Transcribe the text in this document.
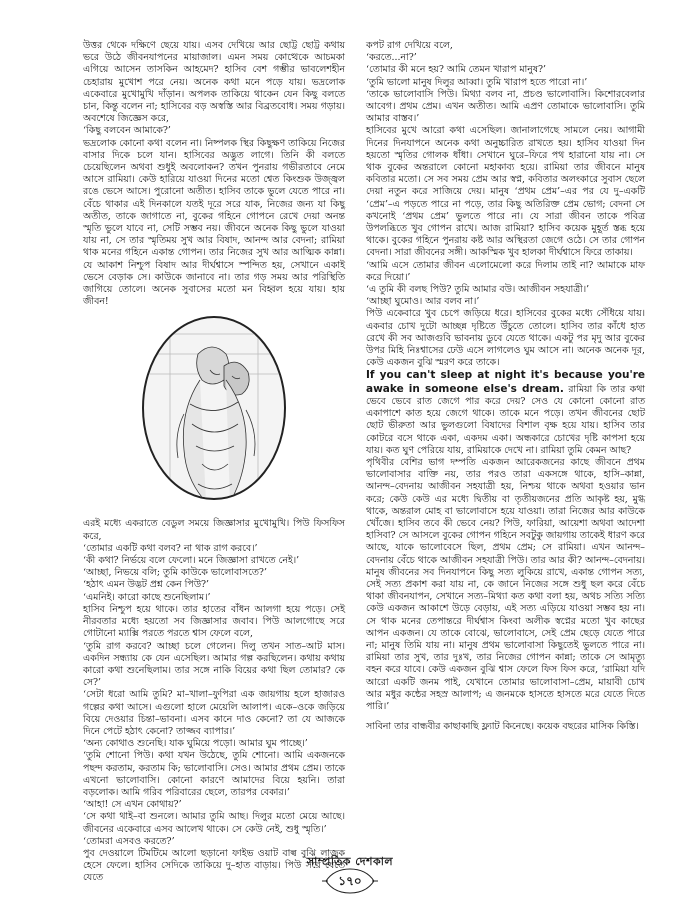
উত্তর থেকে দক্ষিণে ছেয়ে যায়। এসব দেখিয়ে আর ছোট্ট ছোট্ট কথায় ভরে উঠে জীবনযাপনের মায়াজাল। এমন সময় কোত্থেকে আচমকা এগিয়ে আসেন তাসকিন আহমেদ? হাসিব বেশ গম্ভীর ভাবলেশহীন চেহারায় মুখোশ পরে নেয়। অনেক কথা মনে পড়ে যায়। ভদ্রলোক একেবারে মুখোমুখি দাঁড়ান। অপলক তাকিয়ে থাকেন যেন কিছু বলতে চান, কিন্তু বলেন না; হাসিবের বড় অস্বস্তি আর বিব্রতবোধ। সময় গড়ায়। অবশেষে জিজ্ঞেস করে,

‘কিছু বলবেন আমাকে?’

ভদ্রলোক কোনো কথা বলেন না। নিষ্পলক স্থির কিছুক্ষণ তাকিয়ে নিজের বাসার দিকে চলে যান। হাসিবের অদ্ভুত লাগে। তিনি কী বলতে চেয়েছিলেন অথবা শুধুই অবলোকন? তখন পুনরায় গভীরতাবে নেমে আসে রামিয়া। কেউ হারিয়ে যাওয়া দিনের মতো শ্বেত কিংশুক উজ্জ্বল রঙে ভেসে আসে। পুরোনো অতীত। হাসিব তাকে ভুলে যেতে পারে না। বেঁচে থাকার এই দিনকালে যতই দূরে সরে যাক, নিজের জন্য যা কিছু অতীত, তাকে জাগাতে না, বুকের গহিনে গোপনে রেখে দেয়া অনন্ত স্মৃতি ভুলে যাবে না, সেটি সম্ভব নয়। জীবনে অনেক কিছু ভুলে যাওয়া যায় না, সে তার স্মৃতিময় সুখ আর বিষাদ, আনন্দ আর বেদনা; রামিয়া থাক মনের গহিনে একান্ত গোপন। তার নিজের সুখ আর আত্মিক কান্না। যে আকাশ নিশ্চুপ বিষাদ আর দীর্ঘশ্বাসে স্পন্দিত হয়, সেখানে একাই ভেসে বেড়াক সে। কাউকে জানাবে না। তার গড় সময় আর পরিস্থিতি জাগিয়ে তোলে। অনেক সুবাসের মতো মন বিহ্বল হয়ে যায়। হায় জীবন!

এরই মধ্যে একরাতে বেডুল সময়ে জিজ্ঞাসার মুখোমুখি। পিউ ফিসফিস করে,

‘তোমার একটি কথা বলব? না থাক রাগ করবে।’

‘কী কথা? নির্ভয়ে বলে ফেলো। মনে জিজ্ঞাসা রাখতে নেই।’

‘আচ্ছা, নিভয়ে বলি; তুমি কাউকে ভালোবাসতে?’

‘হঠাৎ এমন উদ্ভট প্রশ্ন কেন পিউ?’

‘এমনিই। কারো কাছে শুনেছিলাম।’

হাসিব নিশ্চুপ হয়ে থাকে। তার হাতের বাঁধন আলগা হয়ে পড়ে। সেই নীরবতার মধ্যে হয়তো সব জিজ্ঞাসার জবাব। পিউ আলগোছে সরে গোটানো ম্যাক্সি পরতে পরতে শ্বাস ফেলে বলে,

‘তুমি রাগ করবে? আচ্ছা চলে গেলেন। দিলু তখন সাত–আট মাস। একদিন সন্ধ্যায় কে যেন এসেছিল। আমার গল্প করছিলেন। কথায় কথায় কারো কথা শুনেছিলাম। তার সঙ্গে নাকি বিয়ের কথা ছিল তোমার? কে সে?’

‘সেটা ধরো আমি তুমি? মা–খালা–ফুপিরা এক জায়গায় হলে হাজারও গল্পের কথা আসে। এগুলো হালে মেয়েলি আলাপ। একে–ওকে জড়িয়ে বিয়ে দেওয়ার চিন্তা–ভাবনা। এসব কানে দাও কেনো? তা যে আজকে দিনে পেটে হঠাৎ কেনো? তাজ্জব ব্যাপার।’

‘অন্য কোথাও শুনেছি। যাক ঘুমিয়ে পড়ো। আমার ঘুম পাচ্ছে।’

‘তুমি শোনো পিউ। কথা যখন উঠেছে, তুমি শোনো। আমি একজনকে পছন্দ করতাম, করতাম কি; ভালোবাসি। সেও। আমার প্রথম প্রেম। তাকে এখনো ভালোবাসি। কোনো কারণে আমাদের বিয়ে হয়নি। তারা বড়লোক। আমি গরিব পরিবারের ছেলে, তারপর বেকার।’

‘আহা! সে এখন কোথায়?’

‘সে কথা থাই–বা শুনলে। আমার তুমি আছ। দিলুর মতো মেয়ে আছে। জীবনের একেবারে এসব আলেখ থাকে। সে কেউ নেই, শুধু স্মৃতি।’

‘তোমরা এসবও করতে?’

পুব দেওয়ালে টিমটিমে আলো ছড়ানো ফাইভ ওয়াট বাল্ব বুঝি লাজুক হেসে ফেলে। হাসিব সেদিকে তাকিয়ে দু–হাত বাড়ায়। পিউ সরে যেতে যেতে

কপট রাগ দেখিয়ে বলে,

‘করতে...না?’

‘তোমার কী মনে হয়? আমি তেমন খারাপ মানুষ?’

‘তুমি ভালো মানুষ দিলুর আব্বা। তুমি খারাপ হতে পারো না।’

‘তাকে ভালোবাসি পিউ। মিথ্যা বলব না, প্রচণ্ড ভালোবাসি। কিশোরবেলার আবেগ। প্রথম প্রেম। এখন অতীত। আমি এপ্রণ তোমাকে ভালোবাসি। তুমি আমার বাস্তব।’

হাসিবের মুখে আরো কথা এসেছিল। জানালাগেছে সামলে নেয়। আগামী দিনের দিনযাপনে অনেক কথা অনুচ্চারিত রাখতে হয়। হাসিব যাওয়া দিন হয়তো স্মৃতির গোলক ধাঁধা। সেখানে ঘুরে–ফিরে পথ হারানো যায় না। সে থাক বুকের অন্তরালে কোনো মহাকাব্য হয়ে। রামিয়া তার জীবনে মানুষ কবিতার মতো। সে সব সময় প্রেম আর স্বপ্ন, কবিতার অলংকারে সুবাস ছেলে দেয়া নতুন করে সাজিয়ে দেয়। মানুষ ‘প্রথম প্রেম’–এর পর যে দু–একটি ‘প্রেম’–এ পড়তে পারে না পড়ে, তার কিছু অতিরিক্ত প্রেম ভোগ; বেদনা সে কখনোই ‘প্রথম প্রেম’ ভুলতে পারে না। যে সারা জীবন তাকে পবিত্র উপলব্ধিতে খুব গোপন রাখে। আজ রামিয়া? হাসিব কয়েক মুহূর্ত স্তব্ধ হয়ে থাকে। বুকের গহিনে পুনরায় কষ্ট আর অস্থিরতা জেগে ওঠে। সে তার গোপন বেদনা। সারা জীবনের সঙ্গী। আকস্মিক খুব হালকা দীর্ঘশ্বাসে ফিরে তাকায়।

‘আমি এসে তোমার জীবন এলোমেলো করে দিলাম তাই না? আমাকে মাফ করে দিয়ো।’

‘এ তুমি কী বলছ পিউ? তুমি আমার বউ। আজীবন সহযাত্রী।’

‘আচ্ছা ঘুমোও। আর বলব না।’

পিউ একেবারে খুব চেপে জড়িয়ে ধরে। হাসিবের বুকের মধ্যে সেঁধিয়ে যায়। একবার চোখ দুটো আচ্ছন্ন দৃষ্টিতে উঁচুতে তোলে। হাসিব তার কাঁধে হাত রেখে কী সব আজগুবি ভাবনায় ডুবে যেতে থাকে। একটু পর মৃদু আর বুকের উপর মিহি নিঃশ্বাসের ঢেউ এসে লাগলেও ঘুম আসে না। অনেক অনেক দূর, কেউ একজন বুঝি স্মরণ করে তাকে।

If you can't sleep at night it's because you're awake in someone else's dream. রামিয়া কি তার কথা ভেবে ভেবে রাত জেগে পার করে দেয়? সেও যে কোনো কোনো রাত একাপাশে কাত হয়ে জেগে থাকে। তাকে মনে পড়ে। তখন জীবনের ছোট ছোট ভীরুতা আর ভুলগুলো বিষাদের বিশাল বৃক্ষ হয়ে যায়। হাসিব তার কোটরে বসে থাকে একা, একদম একা। অন্ধকারে চোখের দৃষ্টি কাপসা হয়ে যায়। কত ঘুণ পেরিয়ে যায়, রামিয়াকে দেখে না। রামিয়া তুমি কেমন আছ?

পৃথিবীর বেশির ভাগ দম্পতি একজন আরেকজনের কাছে জীবনে প্রথম ভালোবাসার বাক্তি নয়, তার পরও তারা একসঙ্গে থাকে, হাসি–কান্না, আনন্দ–বেদনায় আজীবন সহযাত্রী হয়, নিশ্চয় থাকে অথবা হওয়ার ভান করে; কেউ কেউ এর মধ্যে দ্বিতীয় বা তৃতীয়জনের প্রতি আকৃষ্ট হয়, মুগ্ধ থাকে, অন্তরাল মোহ বা ভালোবাসে হয়ে যাওয়া। তারা নিজের আর কাউকে খোঁজে। হাসিব তবে কী ভেবে নেয়? পিউ, ফারিয়া, আয়েশা অথবা আদেশা হাসিবা? সে আসলে বুকের গোপন গহিনে সবটুকু জায়গায় তাকেই ধারণ করে আছে, যাকে ভালোবেসে ছিল, প্রথম প্রেম; সে রামিয়া। এখন আনন্দ–বেদনায় বেঁচে থাকে আজীবন সহযাত্রী পিউ। তার আর কী? আনন্দ–বেদনায়। মানুষ জীবনের সব দিনযাপনে কিছু সত্য লুকিয়ে রাখে, একান্ত গোপন সত্য, সেই সত্য প্রকাশ করা যায় না, কে জানে নিজের সঙ্গে শুধু ছল করে বেঁচে থাকা জীবনযাপন, সেখানে সত্য–মিথ্যা কত কথা বলা হয়, অথচ সত্যি সত্যি কেউ একজন আকাশে উড়ে বেড়ায়, এই সত্য এড়িয়ে যাওয়া সম্ভব হয় না। সে থাক মনের তেপান্তরে দীর্ঘশ্বাস কিংবা অলীক স্বপ্নের মতো খুব কাছের আপন একজন। যে তাকে বোঝে, ভালোবাসে, সেই প্রেম ছেড়ে যেতে পারে না; মানুষ তিমি যায় না। মানুষ প্রথম ভালোবাসা কিছুতেই ভুলতে পারে না। রামিয়া তার সুখ, তার দুঃখ, তার নিজের গোপন কান্না; তাকে সে আমৃত্যু বহন করে যাবে। কেউ একজন বুঝি শ্বাস ফেলে ফিস ফিস করে, ‘রামিয়া যদি আরো একটি জনম পাই, যেখানে তোমার ভালোবাসা–প্রেম, মায়াবী চোখ আর মধুর কন্ঠের সহস্র আলাপ; এ জনমকে হাসতে হাসতে মরে যেতে দিতে পারি।’

সাবিনা তার বান্ধবীর কাছাকাছি ফ্ল্যাট কিনেছে। কয়েক বছরের মাসিক কিস্তি।

সাম্প্রতিক দেশকাল
১৭০
